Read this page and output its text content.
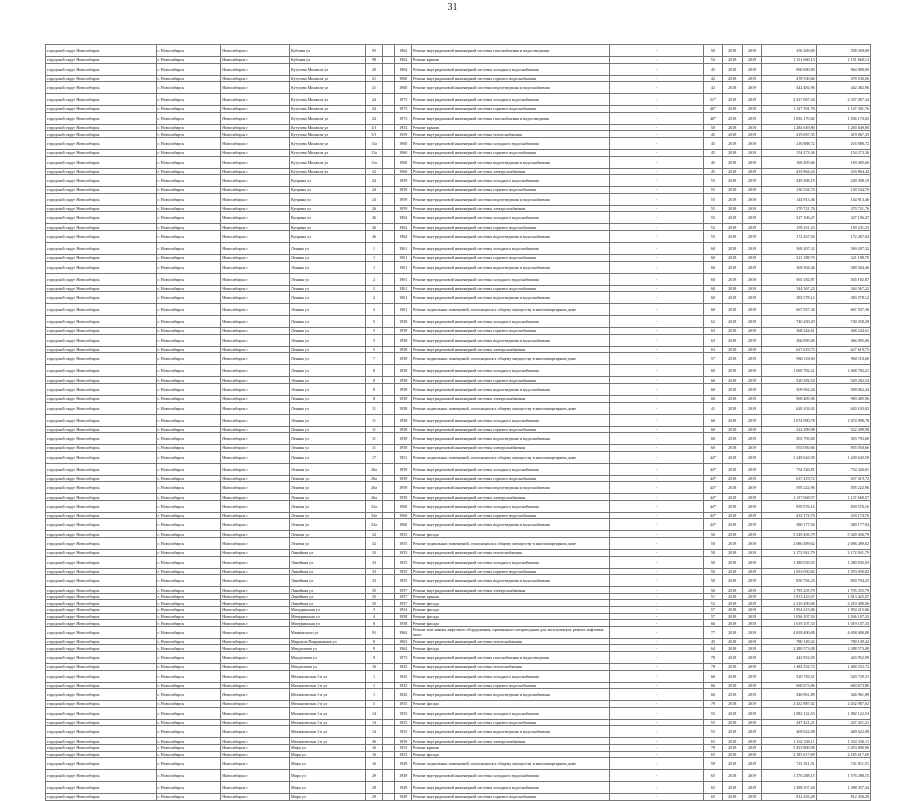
31
городской округ Новосибирск	г. Новосибирск	Новосибирск г	Кубовая ул	95		1962	Ремонт внутридомовой инженерной системы газоснабжения и водоотведения	-	50	2018	2019	350 269,00	358 269,00
городской округ Новосибирск	г. Новосибирск	Новосибирск г	Кубовая ул	98		1962	Ремонт крыши	-	52	2018	2019	1 151 660,13	1 151 660,13
городской округ Новосибирск	г. Новосибирск	Новосибирск г	Кутузова Михаила ул	20		1964	Ремонт внутридомовой инженерной системы холодного водоснабжения	-	45	2018	2019	960 000,00	964 000,00
городской округ Новосибирск	г. Новосибирск	Новосибирск г	Кутузова Михаила ул	21		1960	Ремонт внутридомовой инженерной системы горячего водоснабжения	-	42	2018	2019	478 530,66	478 530,66
городской округ Новосибирск	г. Новосибирск	Новосибирск г	Кутузова Михаила ул	21		1960	Ремонт внутридомовой инженерной системы водоотведения и водоснабжения	-	42	2018	2019	442 482,96	442 482,96
городской округ Новосибирск	г. Новосибирск	Новосибирск г	Кутузова Михаила ул	24		1973	Ремонт внутридомовой инженерной системы холодного водоснабжения	-	51*	2018	2019	2 337 067,34	2 337 067,34
городской округ Новосибирск	г. Новосибирск	Новосибирск г	Кутузова Михаила ул	24		1973	Ремонт внутридомовой инженерной системы горячего водоснабжения	-	46*	2018	2019	1 147 391,76	1 147 391,76
городской округ Новосибирск	г. Новосибирск	Новосибирск г	Кутузова Михаила ул	24		1973	Ремонт внутридомовой инженерной системы газоснабжения и водоотведения	-	46*	2018	2019	1 036 170,82	1 036 170,82
городской округ Новосибирск	г. Новосибирск	Новосибирск г	Кутузова Михаила ул	3/1		1954	Ремонт крыши	-	50	2018	2019	1 284 649,80	1 284 649,80
городской округ Новосибирск	г. Новосибирск	Новосибирск г	Кутузова Михаила ул	5/1		1959	Ремонт внутридомовой инженерной системы теплоснабжения	-	45	2018	2019	419 067,35	419 067,35
городской округ Новосибирск	г. Новосибирск	Новосибирск г	Кутузова Михаила ул	11а		1960	Ремонт внутридомовой инженерной системы холодного водоснабжения	-	45	2018	2019	216 888,72	216 888,72
городской округ Новосибирск	г. Новосибирск	Новосибирск г	Кутузова Михаила ул	11а		1960	Ремонт внутридомовой инженерной системы горячего водоснабжения	-	45	2018	2019	154 273,36	154 273,36
городской округ Новосибирск	г. Новосибирск	Новосибирск г	Кутузова Михаила ул	11а		1960	Ремонт внутридомовой инженерной системы водоотведения и водоснабжения	-	45	2018	2019	169 495,66	169 495,66
городской округ Новосибирск	г. Новосибирск	Новосибирск г	Кутузова Михаила ул	22		1960	Ремонт внутридомовой инженерной системы электроснабжения	-	45	2018	2019	433 864,44	433 864,44
городской округ Новосибирск	г. Новосибирск	Новосибирск г	Куприна ул	24		1959	Ремонт внутридомовой инженерной системы холодного водоснабжения	-	55	2018	2019	249 308,19	249 308,19
городской округ Новосибирск	г. Новосибирск	Новосибирск г	Куприна ул	24		1959	Ремонт внутридомовой инженерной системы горячего водоснабжения	-	55	2018	2019	130 534,70	130 534,70
городской округ Новосибирск	г. Новосибирск	Новосибирск г	Куприна ул	24		1959	Ремонт внутридомовой инженерной системы водоотведения и водоснабжения	-	55	2018	2019	144 913,46	144 913,46
городской округ Новосибирск	г. Новосибирск	Новосибирск г	Куприна ул	26		1959	Ремонт внутридомовой инженерной системы электроснабжения	-	55	2018	2019	270 721,76	270 721,76
городской округ Новосибирск	г. Новосибирск	Новосибирск г	Куприна ул	26		1962	Ремонт внутридомовой инженерной системы холодного водоснабжения	-	55	2018	2019	327 106,47	327 106,47
городской округ Новосибирск	г. Новосибирск	Новосибирск г	Куприна ул	26		1962	Ремонт внутридомовой инженерной системы горячего водоснабжения	-	52	2018	2019	159 231,33	159 231,33
городской округ Новосибирск	г. Новосибирск	Новосибирск г	Куприна ул	26		1962	Ремонт внутридомовой инженерной системы водоотведения и водоснабжения	-	55	2018	2019	172 267,04	172 267,04
городской округ Новосибирск	г. Новосибирск	Новосибирск г	Ленина ул	1		1961	Ремонт внутридомовой инженерной системы холодного водоснабжения	-	60	2018	2019	569 207,32	569 207,32
городской округ Новосибирск	г. Новосибирск	Новосибирск г	Ленина ул	1		1961	Ремонт внутридомовой инженерной системы горячего водоснабжения	-	60	2018	2019	321 188,70	321 188,70
городской округ Новосибирск	г. Новосибирск	Новосибирск г	Ленина ул	1		1961	Ремонт внутридомовой инженерной системы водоотведения и водоснабжения	-	60	2018	2019	369 304,46	369 304,46
городской округ Новосибирск	г. Новосибирск	Новосибирск г	Ленина ул	2		1961	Ремонт внутридомовой инженерной системы холодного водоснабжения	-	60	2018	2019	565 182,87	565 182,87
городской округ Новосибирск	г. Новосибирск	Новосибирск г	Ленина ул	2		1961	Ремонт внутридомовой инженерной системы горячего водоснабжения	-	60	2018	2019	344 567,22	344 567,22
городской округ Новосибирск	г. Новосибирск	Новосибирск г	Ленина ул	2		1961	Ремонт внутридомовой инженерной системы водоотведения и водоснабжения	-	60	2018	2019	383 578,12	383 578,12
городской округ Новосибирск	г. Новосибирск	Новосибирск г	Ленина ул	3		1961	Ремонт подвальных помещений, относящихся к общему имуществу в многоквартирном доме	-	60	2018	2019	667 937,36	667 937,36
городской округ Новосибирск	г. Новосибирск	Новосибирск г	Ленина ул	5		1958	Ремонт внутридомовой инженерной системы холодного водоснабжения	-	62	2018	2019	740 250,29	740 250,29
городской округ Новосибирск	г. Новосибирск	Новосибирск г	Ленина ул	5		1958	Ремонт внутридомовой инженерной системы горячего водоснабжения	-	63	2018	2019	368 244,61	368 244,61
городской округ Новосибирск	г. Новосибирск	Новосибирск г	Ленина ул	5		1958	Ремонт внутридомовой инженерной системы водоотведения и водоснабжения	-	63	2018	2019	366 095,06	366 095,06
городской округ Новосибирск	г. Новосибирск	Новосибирск г	Ленина ул	5		1958	Ремонт внутридомовой инженерной системы электроснабжения	-	63	2018	2019	627 619,75	627 619,75
городской округ Новосибирск	г. Новосибирск	Новосибирск г	Ленина ул	7		1958	Ремонт подвальных помещений, относящихся к общему имуществу в многоквартирном доме	-	57	2018	2019	960 118,60	960 118,60
городской округ Новосибирск	г. Новосибирск	Новосибирск г	Ленина ул	8		1958	Ремонт внутридомовой инженерной системы холодного водоснабжения	-	60	2018	2019	1 068 782,21	1 068 782,21
городской округ Новосибирск	г. Новосибирск	Новосибирск г	Ленина ул	8		1958	Ремонт внутридомовой инженерной системы горячего водоснабжения	-	60	2018	2019	520 282,54	520 282,54
городской округ Новосибирск	г. Новосибирск	Новосибирск г	Ленина ул	8		1958	Ремонт внутридомовой инженерной системы водоотведения и водоснабжения	-	60	2018	2019	509 062,44	509 062,44
городской округ Новосибирск	г. Новосибирск	Новосибирск г	Ленина ул	8		1958	Ремонт внутридомовой инженерной системы электроснабжения	-	60	2018	2019	969 485,96	969 485,96
городской округ Новосибирск	г. Новосибирск	Новосибирск г	Ленина ул	11		1958	Ремонт подвальных помещений, относящихся к общему имуществу в многоквартирном доме	-	41	2018	2019	620 103,02	620 103,02
городской округ Новосибирск	г. Новосибирск	Новосибирск г	Ленина ул	11		1958	Ремонт внутридомовой инженерной системы холодного водоснабжения	-	60	2018	2019	1 074 990,78	1 074 990,78
городской округ Новосибирск	г. Новосибирск	Новосибирск г	Ленина ул	11		1958	Ремонт внутридомовой инженерной системы горячего водоснабжения	-	60	2018	2019	522 299,98	522 299,98
городской округ Новосибирск	г. Новосибирск	Новосибирск г	Ленина ул	11		1958	Ремонт внутридомовой инженерной системы водоотведения и водоснабжения	-	60	2018	2019	503 793,68	503 793,68
городской округ Новосибирск	г. Новосибирск	Новосибирск г	Ленина ул	11		1958	Ремонт внутридомовой инженерной системы электроснабжения	-	60	2018	2019	955 050,66	955 050,66
городской округ Новосибирск	г. Новосибирск	Новосибирск г	Ленина ул	17		1951	Ремонт подвальных помещений, относящихся к общему имуществу в многоквартирном доме	-	44*	2018	2019	1 249 643,58	1 249 643,58
городской округ Новосибирск	г. Новосибирск	Новосибирск г	Лежена ул	26а		1959	Ремонт внутридомовой инженерной системы холодного водоснабжения	-	44*	2018	2019	754 326,81	754 326,81
городской округ Новосибирск	г. Новосибирск	Новосибирск г	Лежена ул	26а		1959	Ремонт внутридомовой инженерной системы горячего водоснабжения	-	44*	2018	2019	637 419,72	637 419,72
городской округ Новосибирск	г. Новосибирск	Новосибирск г	Лежена ул	26а		1959	Ремонт внутридомовой инженерной системы водоотведения и водоснабжения	-	44*	2018	2019	595 222,96	595 222,96
городской округ Новосибирск	г. Новосибирск	Новосибирск г	Лежена ул	26а		1959	Ремонт внутридомовой инженерной системы электроснабжения	-	44*	2018	2019	1 137 668,57	1 137 668,57
городской округ Новосибирск	г. Новосибирск	Новосибирск г	Лежена ул	32а		1960	Ремонт внутридомовой инженерной системы холодного водоснабжения	-	44*	2018	2019	839 576,16	839 576,16
городской округ Новосибирск	г. Новосибирск	Новосибирск г	Лежена ул	32а		1960	Ремонт внутридомовой инженерной системы горячего водоснабжения	-	44*	2018	2019	433 174,76	433 174,76
городской округ Новосибирск	г. Новосибирск	Новосибирск г	Лежена ул	32а		1960	Ремонт внутридомовой инженерной системы водоотведения и водоснабжения	-	44*	2018	2019	380 177,94	380 177,94
городской округ Новосибирск	г. Новосибирск	Новосибирск г	Лежена ул	32		1955	Ремонт фасада	-	50	2018	2019	5 349 456,79	5 349 456,79
городской округ Новосибирск	г. Новосибирск	Новосибирск г	Лежена ул	32		1955	Ремонт подвальных помещений, относящихся к общему имуществу в многоквартирном доме	-	50	2018	2019	2 686 489,62	2 686 489,62
городской округ Новосибирск	г. Новосибирск	Новосибирск г	Линейная ул	33		1955	Ремонт внутридомовой инженерной системы теплоснабжения	-	50	2018	2019	2 172 941,79	2 172 941,79
городской округ Новосибирск	г. Новосибирск	Новосибирск г	Линейная ул	33		1955	Ремонт внутридомовой инженерной системы холодного водоснабжения	-	50	2018	2019	1 280 035,03	1 280 035,03
городской округ Новосибирск	г. Новосибирск	Новосибирск г	Линейная ул	33		1955	Ремонт внутридомовой инженерной системы горячего водоснабжения	-	50	2018	2019	1 053 050,82	1 053 050,82
городской округ Новосибирск	г. Новосибирск	Новосибирск г	Линейная ул	33		1955	Ремонт внутридомовой инженерной системы водоотведения и водоснабжения	-	50	2018	2019	850 794,25	850 794,25
городской округ Новосибирск	г. Новосибирск	Новосибирск г	Линейная ул	35		1957	Ремонт внутридомовой инженерной системы электроснабжения	-	50	2018	2019	1 795 255,79	1 795 255,79
городской округ Новосибирск	г. Новосибирск	Новосибирск г	Линейная ул	35		1957	Ремонт крыши	-	51	2018	2019	1 813 425,07	1 813 425,07
городской округ Новосибирск	г. Новосибирск	Новосибирск г	Линейная ул	35		1957	Ремонт фасада	-	52	2018	2019	2 210 490,06	2 210 490,06
городской округ Новосибирск	г. Новосибирск	Новосибирск г	Мичуринская ул	3		1954	Ремонт фасада	-	57	2018	2019	1 954 215,06	1 954 215,06
городской округ Новосибирск	г. Новосибирск	Новосибирск г	Мичуринская ул	4		1958	Ремонт фасада	-	57	2018	2019	1 036 107,33	1 036 107,33
городской округ Новосибирск	г. Новосибирск	Новосибирск г	Мичуринская ул	8		1958	Ремонт фасада	-	66	2018	2019	1 019 107,33	1 019 107,33
городской округ Новосибирск	г. Новосибирск	Новосибирск г	Маяковского ул	91		1962	Ремонт или замена лифтового оборудования, признанного непригодным для эксплуатации, ремонт лифтовых шахт	-	77	2018	2019	4 658 400,00	4 658 400,00
городской округ Новосибирск	г. Новосибирск	Новосибирск г	Маршала Покрышкина ул	8		1963	Ремонт внутридомовой инженерной системы теплоснабжения	-	45	2018	2019	780 149,42	780 149,42
городской округ Новосибирск	г. Новосибирск	Новосибирск г	Менделеева ул	9		1962	Ремонт фасада	-	64	2018	2019	2 288 573,08	2 288 573,08
городской округ Новосибирск	г. Новосибирск	Новосибирск г	Менделеева ул	9		1973	Ремонт внутридомовой инженерной системы газоснабжения и водоотведения	-	78	2018	2019	443 952,09	443 952,09
городской округ Новосибирск	г. Новосибирск	Новосибирск г	Менделеева ул	16		1943	Ремонт внутридомовой инженерной системы теплоснабжения	-	78	2018	2019	1 484 552,72	1 484 552,72
городской округ Новосибирск	г. Новосибирск	Новосибирск г	Механическая 1-я ул	1		1943	Ремонт внутридомовой инженерной системы холодного водоснабжения	-	66	2018	2019	520 729,31	520 729,31
городской округ Новосибирск	г. Новосибирск	Новосибирск г	Механическая 1-я ул	1		1943	Ремонт внутридомовой инженерной системы горячего водоснабжения	-	66	2018	2019	660 673,86	660 673,86
городской округ Новосибирск	г. Новосибирск	Новосибирск г	Механическая 1-я ул	1		1943	Ремонт внутридомовой инженерной системы водоотведения и водоснабжения	-	66	2018	2019	346 961,89	346 961,89
городской округ Новосибирск	г. Новосибирск	Новосибирск г	Механическая 1-я ул	5		1955	Ремонт фасада	-	79	2018	2019	2 432 987,02	2 432 987,02
городской округ Новосибирск	г. Новосибирск	Новосибирск г	Механическая 1-я ул	14		1955	Ремонт внутридомовой инженерной системы холодного водоснабжения	-	55	2018	2019	1 082 122,53	1 082 122,53
городской округ Новосибирск	г. Новосибирск	Новосибирск г	Механическая 1-я ул	14		1955	Ремонт внутридомовой инженерной системы горячего водоснабжения	-	55	2018	2019	447 421,21	447 421,21
городской округ Новосибирск	г. Новосибирск	Новосибирск г	Механическая 1-я ул	14		1955	Ремонт внутридомовой инженерной системы водоотведения и водоснабжения	-	55	2018	2019	469 622,08	469 622,08
городской округ Новосибирск	г. Новосибирск	Новосибирск г	Механическая 1-я ул	26		1959	Ремонт внутридомовой инженерной системы электроснабжения	-	65	2018	2019	1 332 336,11	1 332 336,11
городской округ Новосибирск	г. Новосибирск	Новосибирск г	Мира ул	16		1953	Ремонт крыши	-	78	2018	2019	5 453 800,96	5 453 800,96
городской округ Новосибирск	г. Новосибирск	Новосибирск г	Мира ул	16		1953	Ремонт фасада	-	65	2018	2019	2 185 617,69	2 185 617,69
городской округ Новосибирск	г. Новосибирск	Новосибирск г	Мира ул	16		1949	Ремонт подвальных помещений, относящихся к общему имуществу в многоквартирном доме	-	59	2018	2019	741 811,51	741 811,51
городской округ Новосибирск	г. Новосибирск	Новосибирск г	Мира ул	29		1949	Ремонт внутридомовой инженерной системы холодного водоснабжения	-	65	2018	2019	1 576 288,15	1 576 288,15
городской округ Новосибирск	г. Новосибирск	Новосибирск г	Мира ул	29		1949	Ремонт внутридомовой инженерной системы холодного водоснабжения	-	65	2018	2019	1 398 357,44	1 398 357,44
городской округ Новосибирск	г. Новосибирск	Новосибирск г	Мира ул	29		1949	Ремонт внутридомовой инженерной системы горячего водоснабжения	-	65	2018	2019	812 456,28	812 456,28
